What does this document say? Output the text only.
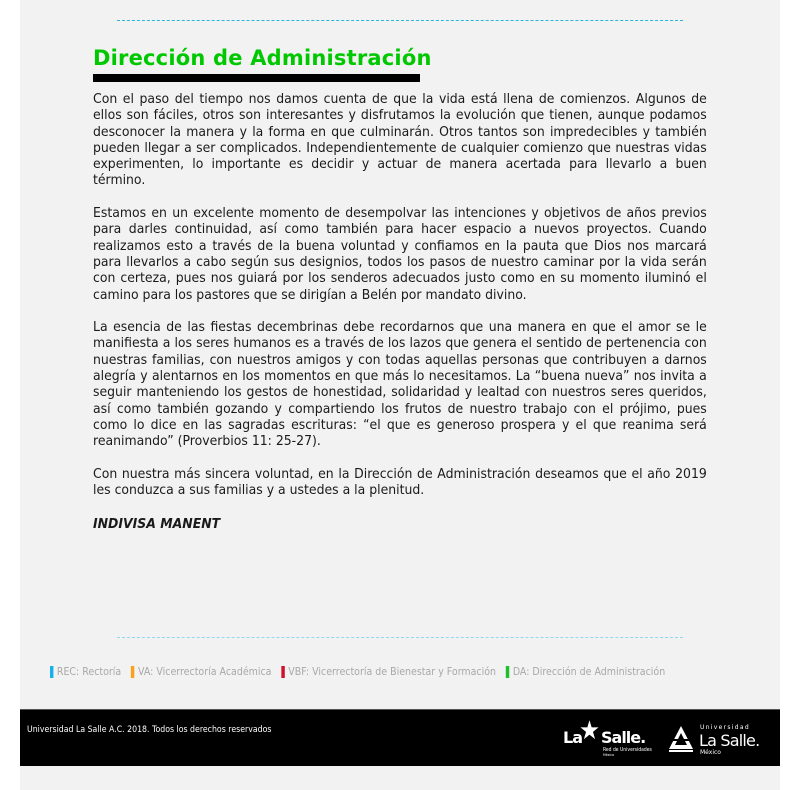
Dirección de Administración

Con el paso del tiempo nos damos cuenta de que la vida está llena de comienzos. Algunos de ellos son fáciles, otros son interesantes y disfrutamos la evolución que tienen, aunque podamos desconocer la manera y la forma en que culminarán. Otros tantos son impredecibles y también pueden llegar a ser complicados. Independientemente de cualquier comienzo que nuestras vidas experimenten, lo importante es decidir y actuar de manera acertada para llevarlo a buen término.

Estamos en un excelente momento de desempolvar las intenciones y objetivos de años previos para darles continuidad, así como también para hacer espacio a nuevos proyectos. Cuando realizamos esto a través de la buena voluntad y confiamos en la pauta que Dios nos marcará para llevarlos a cabo según sus designios, todos los pasos de nuestro caminar por la vida serán con certeza, pues nos guiará por los senderos adecuados justo como en su momento iluminó el camino para los pastores que se dirigían a Belén por mandato divino.

La esencia de las fiestas decembrinas debe recordarnos que una manera en que el amor se le manifiesta a los seres humanos es a través de los lazos que genera el sentido de pertenencia con nuestras familias, con nuestros amigos y con todas aquellas personas que contribuyen a darnos alegría y alentarnos en los momentos en que más lo necesitamos. La “buena nueva” nos invita a seguir manteniendo los gestos de honestidad, solidaridad y lealtad con nuestros seres queridos, así como también gozando y compartiendo los frutos de nuestro trabajo con el prójimo, pues como lo dice en las sagradas escrituras: “el que es generoso prospera y el que reanima será reanimando” (Proverbios 11: 25-27).

Con nuestra más sincera voluntad, en la Dirección de Administración deseamos que el año 2019 les conduzca a sus familias y a ustedes a la plenitud.

INDIVISA MANENT

REC: Rectoría
VA: Vicerrectoría Académica
VBF: Vicerrectoría de Bienestar y Formación
DA: Dirección de Administración
Universidad La Salle A.C. 2018. Todos los derechos reservados	La
★ Salle.
Red de Universidades
México
Universidad
La Salle.
México
